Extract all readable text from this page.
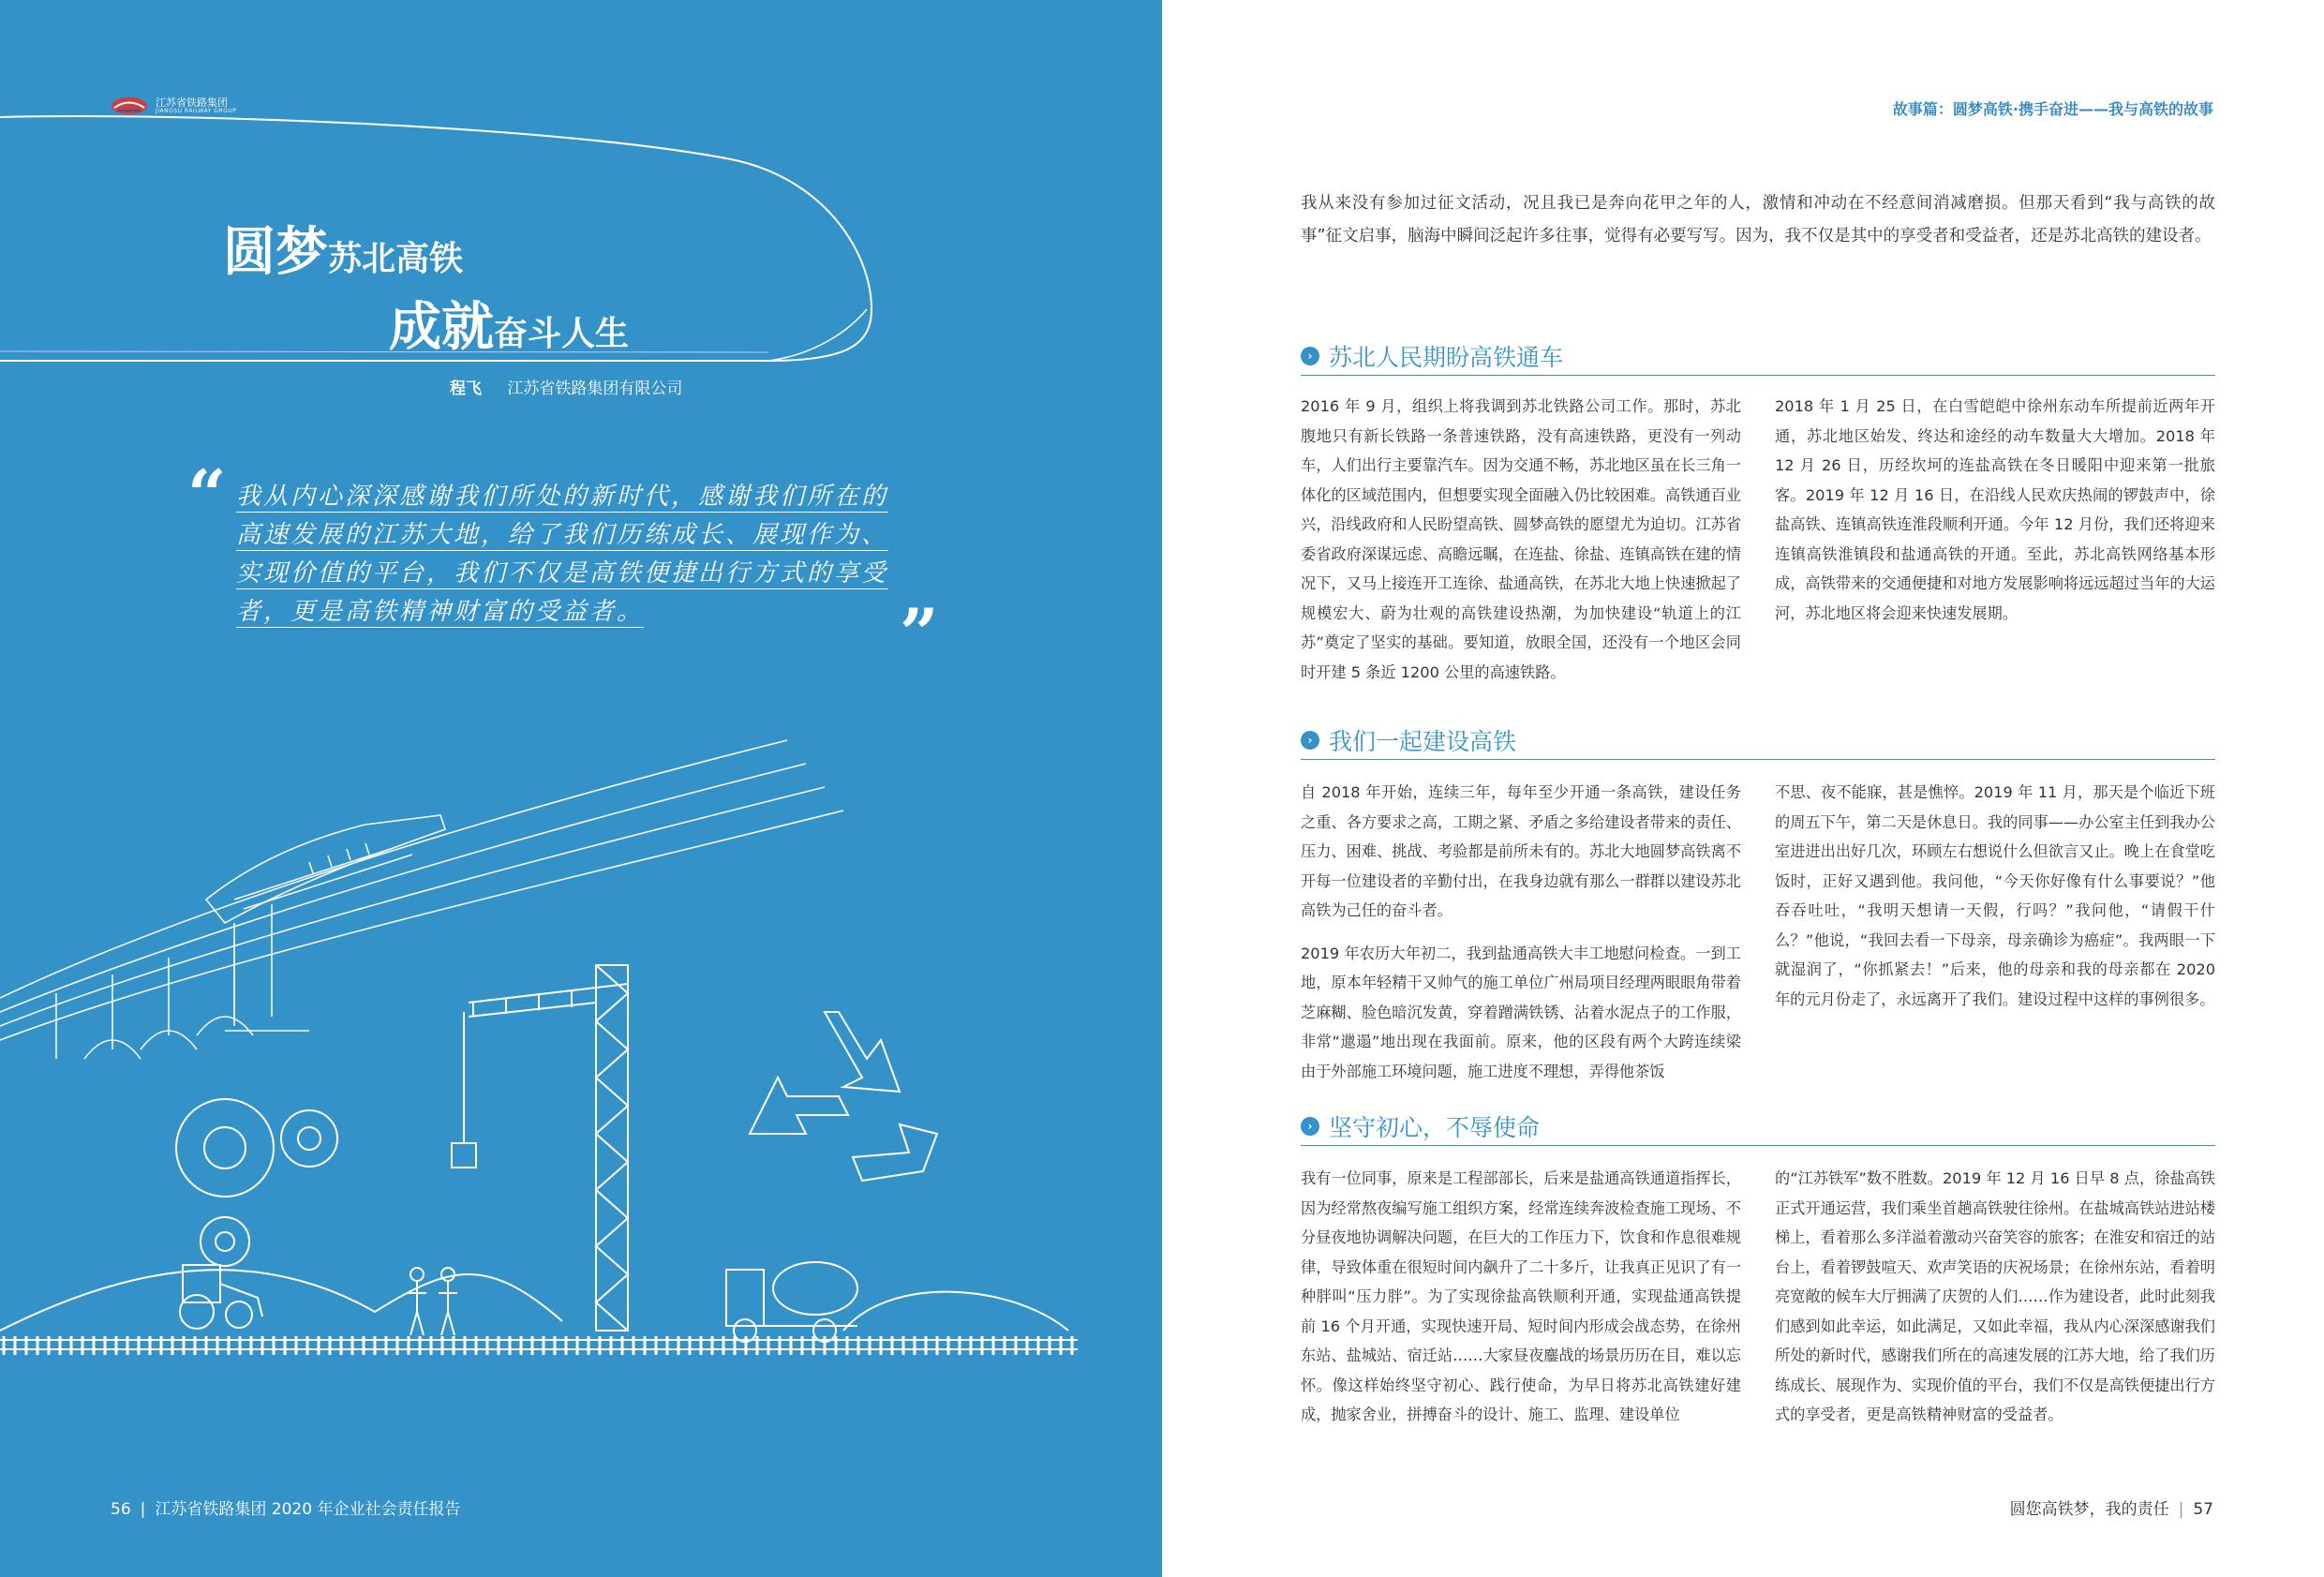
江苏省铁路集团
JIANGSU RAILWAY GROUP
圆梦苏北高铁
成就奋斗人生
程飞 江苏省铁路集团有限公司
“ 我从内心深深感谢我们所处的新时代，感谢我们所在的高速发展的江苏大地，给了我们历练成长、展现作为、实现价值的平台，我们不仅是高铁便捷出行方式的享受者，更是高铁精神财富的受益者。	”
56 | 江苏省铁路集团 2020 年企业社会责任报告
故事篇：圆梦高铁·携手奋进——我与高铁的故事
我从来没有参加过征文活动，况且我已是奔向花甲之年的人，激情和冲动在不经意间消减磨损。但那天看到“我与高铁的故事”征文启事，脑海中瞬间泛起许多往事，觉得有必要写写。因为，我不仅是其中的享受者和受益者，还是苏北高铁的建设者。
› 苏北人民期盼高铁通车

2016 年 9 月，组织上将我调到苏北铁路公司工作。那时，苏北腹地只有新长铁路一条普速铁路，没有高速铁路，更没有一列动车，人们出行主要靠汽车。因为交通不畅，苏北地区虽在长三角一体化的区域范围内，但想要实现全面融入仍比较困难。高铁通百业兴，沿线政府和人民盼望高铁、圆梦高铁的愿望尤为迫切。江苏省委省政府深谋远虑、高瞻远瞩，在连盐、徐盐、连镇高铁在建的情况下，又马上接连开工连徐、盐通高铁，在苏北大地上快速掀起了规模宏大、蔚为壮观的高铁建设热潮，为加快建设“轨道上的江苏”奠定了坚实的基础。要知道，放眼全国，还没有一个地区会同时开建 5 条近 1200 公里的高速铁路。

2018 年 1 月 25 日，在白雪皑皑中徐州东动车所提前近两年开通，苏北地区始发、终达和途经的动车数量大大增加。2018 年 12 月 26 日，历经坎坷的连盐高铁在冬日暖阳中迎来第一批旅客。2019 年 12 月 16 日，在沿线人民欢庆热闹的锣鼓声中，徐盐高铁、连镇高铁连淮段顺利开通。今年 12 月份，我们还将迎来连镇高铁淮镇段和盐通高铁的开通。至此，苏北高铁网络基本形成，高铁带来的交通便捷和对地方发展影响将远远超过当年的大运河，苏北地区将会迎来快速发展期。

› 我们一起建设高铁

自 2018 年开始，连续三年，每年至少开通一条高铁，建设任务之重、各方要求之高，工期之紧、矛盾之多给建设者带来的责任、压力、困难、挑战、考验都是前所未有的。苏北大地圆梦高铁离不开每一位建设者的辛勤付出，在我身边就有那么一群群以建设苏北高铁为己任的奋斗者。

2019 年农历大年初二，我到盐通高铁大丰工地慰问检查。一到工地，原本年轻精干又帅气的施工单位广州局项目经理两眼眼角带着芝麻糊、脸色暗沉发黄，穿着蹭满铁锈、沾着水泥点子的工作服，非常“邋遢”地出现在我面前。原来，他的区段有两个大跨连续梁由于外部施工环境问题，施工进度不理想，弄得他茶饭

不思、夜不能寐，甚是憔悴。2019 年 11 月，那天是个临近下班的周五下午，第二天是休息日。我的同事——办公室主任到我办公室进进出出好几次，环顾左右想说什么但欲言又止。晚上在食堂吃饭时，正好又遇到他。我问他，“今天你好像有什么事要说？”他吞吞吐吐，“我明天想请一天假，行吗？”我问他，“请假干什么？”他说，“我回去看一下母亲，母亲确诊为癌症”。我两眼一下就湿润了，“你抓紧去！”后来，他的母亲和我的母亲都在 2020 年的元月份走了，永远离开了我们。建设过程中这样的事例很多。

› 坚守初心，不辱使命

我有一位同事，原来是工程部部长，后来是盐通高铁通道指挥长，因为经常熬夜编写施工组织方案，经常连续奔波检查施工现场、不分昼夜地协调解决问题，在巨大的工作压力下，饮食和作息很难规律，导致体重在很短时间内飙升了二十多斤，让我真正见识了有一种胖叫“压力胖”。为了实现徐盐高铁顺利开通，实现盐通高铁提前 16 个月开通，实现快速开局、短时间内形成会战态势，在徐州东站、盐城站、宿迁站……大家昼夜鏖战的场景历历在目，难以忘怀。像这样始终坚守初心、践行使命，为早日将苏北高铁建好建成，抛家舍业，拼搏奋斗的设计、施工、监理、建设单位

的“江苏铁军”数不胜数。2019 年 12 月 16 日早 8 点，徐盐高铁正式开通运营，我们乘坐首趟高铁驶往徐州。在盐城高铁站进站楼梯上，看着那么多洋溢着激动兴奋笑容的旅客；在淮安和宿迁的站台上，看着锣鼓喧天、欢声笑语的庆祝场景；在徐州东站，看着明亮宽敞的候车大厅拥满了庆贺的人们……作为建设者，此时此刻我们感到如此幸运，如此满足，又如此幸福，我从内心深深感谢我们所处的新时代，感谢我们所在的高速发展的江苏大地，给了我们历练成长、展现作为、实现价值的平台，我们不仅是高铁便捷出行方式的享受者，更是高铁精神财富的受益者。

圆您高铁梦，我的责任 | 57
